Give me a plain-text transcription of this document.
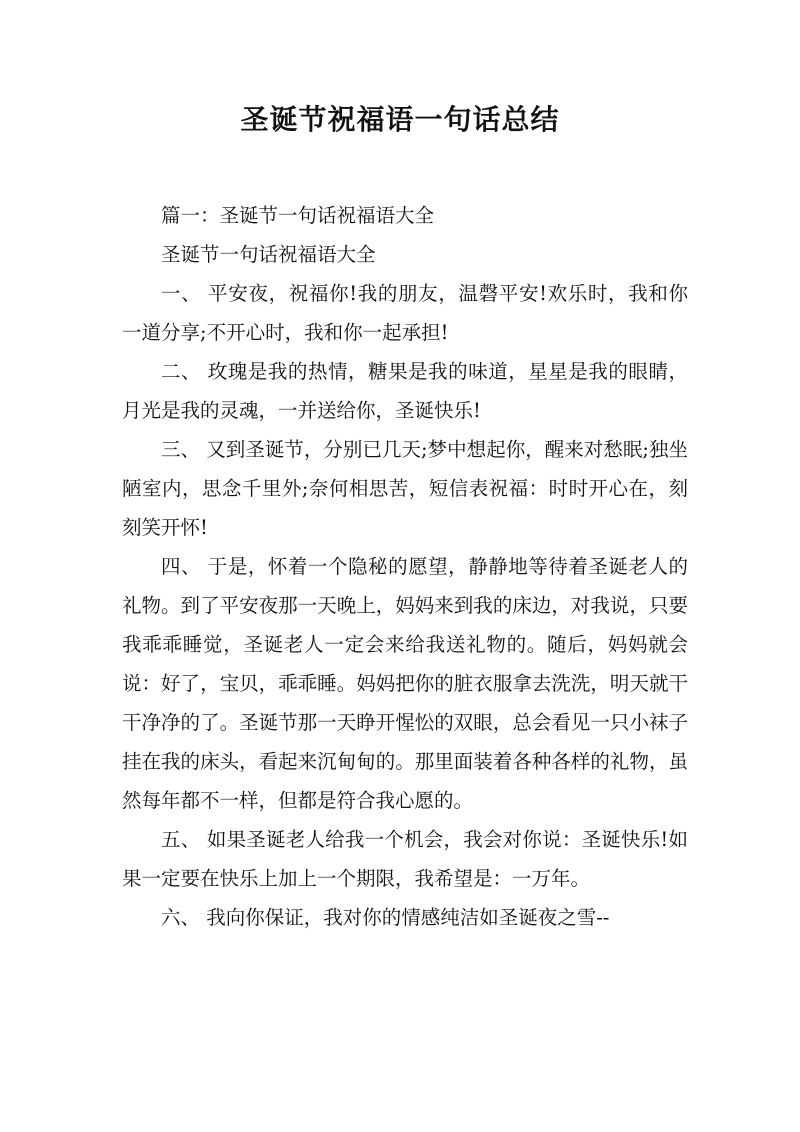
圣诞节祝福语一句话总结

篇一：圣诞节一句话祝福语大全

圣诞节一句话祝福语大全

一、 平安夜，祝福你!我的朋友，温磬平安!欢乐时，我和你一道分享;不开心时，我和你一起承担!

二、 玫瑰是我的热情，糖果是我的味道，星星是我的眼睛，月光是我的灵魂，一并送给你，圣诞快乐!

三、 又到圣诞节，分别已几天;梦中想起你，醒来对愁眠;独坐陋室内，思念千里外;奈何相思苦，短信表祝福：时时开心在，刻刻笑开怀!

四、 于是，怀着一个隐秘的愿望，静静地等待着圣诞老人的礼物。到了平安夜那一天晚上，妈妈来到我的床边，对我说，只要我乖乖睡觉，圣诞老人一定会来给我送礼物的。随后，妈妈就会说：好了，宝贝，乖乖睡。妈妈把你的脏衣服拿去洗洗，明天就干干净净的了。圣诞节那一天睁开惺忪的双眼，总会看见一只小袜子挂在我的床头，看起来沉甸甸的。那里面装着各种各样的礼物，虽然每年都不一样，但都是符合我心愿的。

五、 如果圣诞老人给我一个机会，我会对你说：圣诞快乐!如果一定要在快乐上加上一个期限，我希望是：一万年。

六、 我向你保证，我对你的情感纯洁如圣诞夜之雪--
